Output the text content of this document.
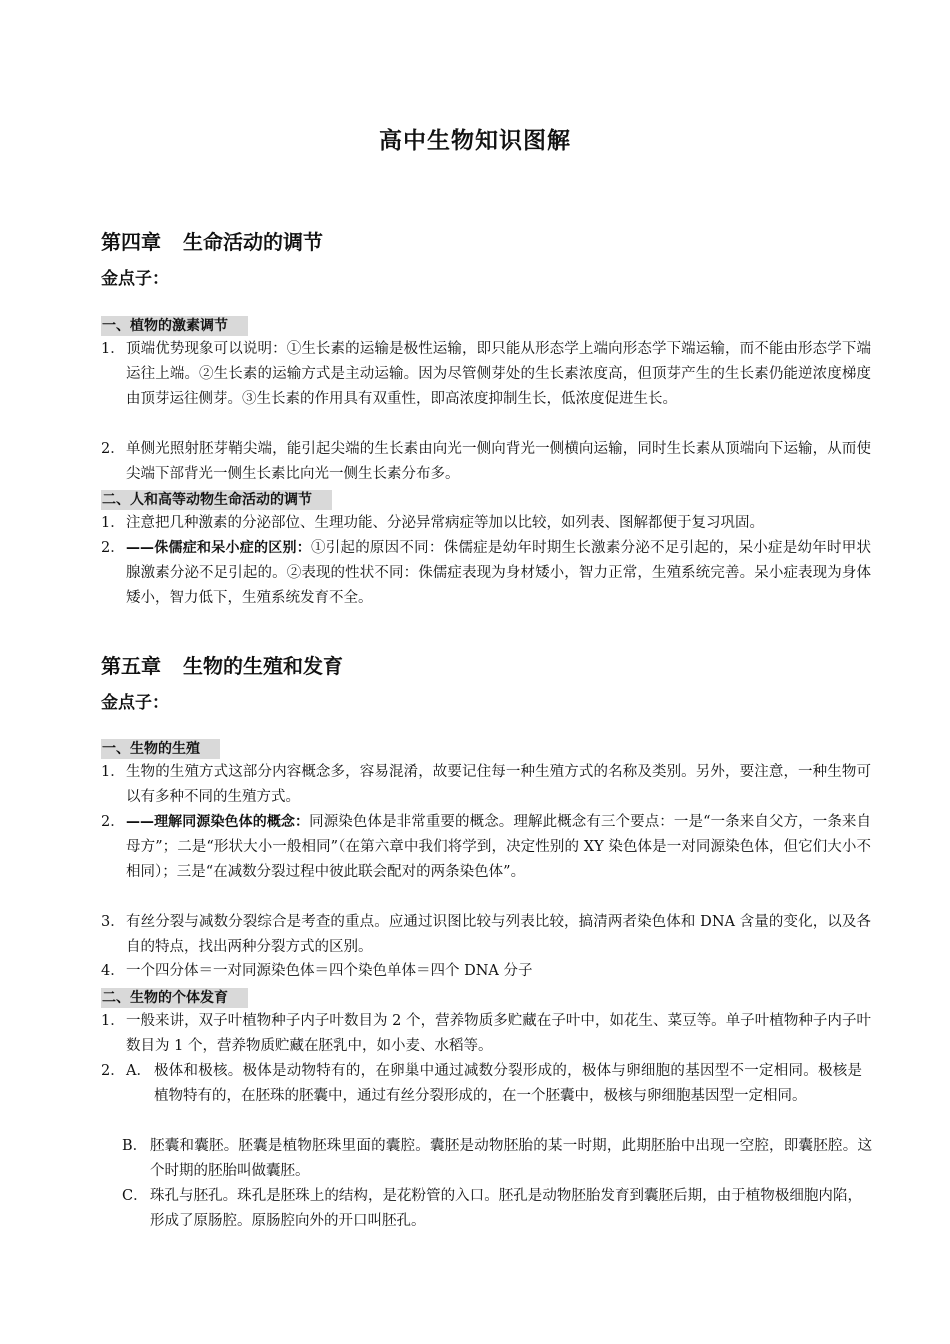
高中生物知识图解
第四章 生命活动的调节
金点子：
一、植物的激素调节
1． 顶端优势现象可以说明：①生长素的运输是极性运输，即只能从形态学上端向形态学下端运输，而不能由形态学下端运往上端。②生长素的运输方式是主动运输。因为尽管侧芽处的生长素浓度高，但顶芽产生的生长素仍能逆浓度梯度由顶芽运往侧芽。③生长素的作用具有双重性，即高浓度抑制生长，低浓度促进生长。
2． 单侧光照射胚芽鞘尖端，能引起尖端的生长素由向光一侧向背光一侧横向运输，同时生长素从顶端向下运输，从而使尖端下部背光一侧生长素比向光一侧生长素分布多。
二、人和高等动物生命活动的调节
1． 注意把几种激素的分泌部位、生理功能、分泌异常病症等加以比较，如列表、图解都便于复习巩固。
2． ——侏儒症和呆小症的区别：①引起的原因不同：侏儒症是幼年时期生长激素分泌不足引起的，呆小症是幼年时甲状腺激素分泌不足引起的。②表现的性状不同：侏儒症表现为身材矮小，智力正常，生殖系统完善。呆小症表现为身体矮小，智力低下，生殖系统发育不全。
第五章 生物的生殖和发育
金点子：
一、生物的生殖
1． 生物的生殖方式这部分内容概念多，容易混淆，故要记住每一种生殖方式的名称及类别。另外，要注意，一种生物可以有多种不同的生殖方式。
2． ——理解同源染色体的概念：同源染色体是非常重要的概念。理解此概念有三个要点：一是“一条来自父方，一条来自母方”；二是“形状大小一般相同”（在第六章中我们将学到，决定性别的 XY 染色体是一对同源染色体，但它们大小不相同）；三是“在减数分裂过程中彼此联会配对的两条染色体”。
3． 有丝分裂与减数分裂综合是考查的重点。应通过识图比较与列表比较，搞清两者染色体和 DNA 含量的变化，以及各自的特点，找出两种分裂方式的区别。
4． 一个四分体＝一对同源染色体＝四个染色单体＝四个 DNA 分子
二、生物的个体发育
1． 一般来讲，双子叶植物种子内子叶数目为 2 个，营养物质多贮藏在子叶中，如花生、菜豆等。单子叶植物种子内子叶数目为 1 个，营养物质贮藏在胚乳中，如小麦、水稻等。
2． A． 极体和极核。极体是动物特有的，在卵巢中通过减数分裂形成的，极体与卵细胞的基因型不一定相同。极核是植物特有的，在胚珠的胚囊中，通过有丝分裂形成的，在一个胚囊中，极核与卵细胞基因型一定相同。
B． 胚囊和囊胚。胚囊是植物胚珠里面的囊腔。囊胚是动物胚胎的某一时期，此期胚胎中出现一空腔，即囊胚腔。这个时期的胚胎叫做囊胚。
C． 珠孔与胚孔。珠孔是胚珠上的结构，是花粉管的入口。胚孔是动物胚胎发育到囊胚后期，由于植物极细胞内陷，形成了原肠腔。原肠腔向外的开口叫胚孔。
